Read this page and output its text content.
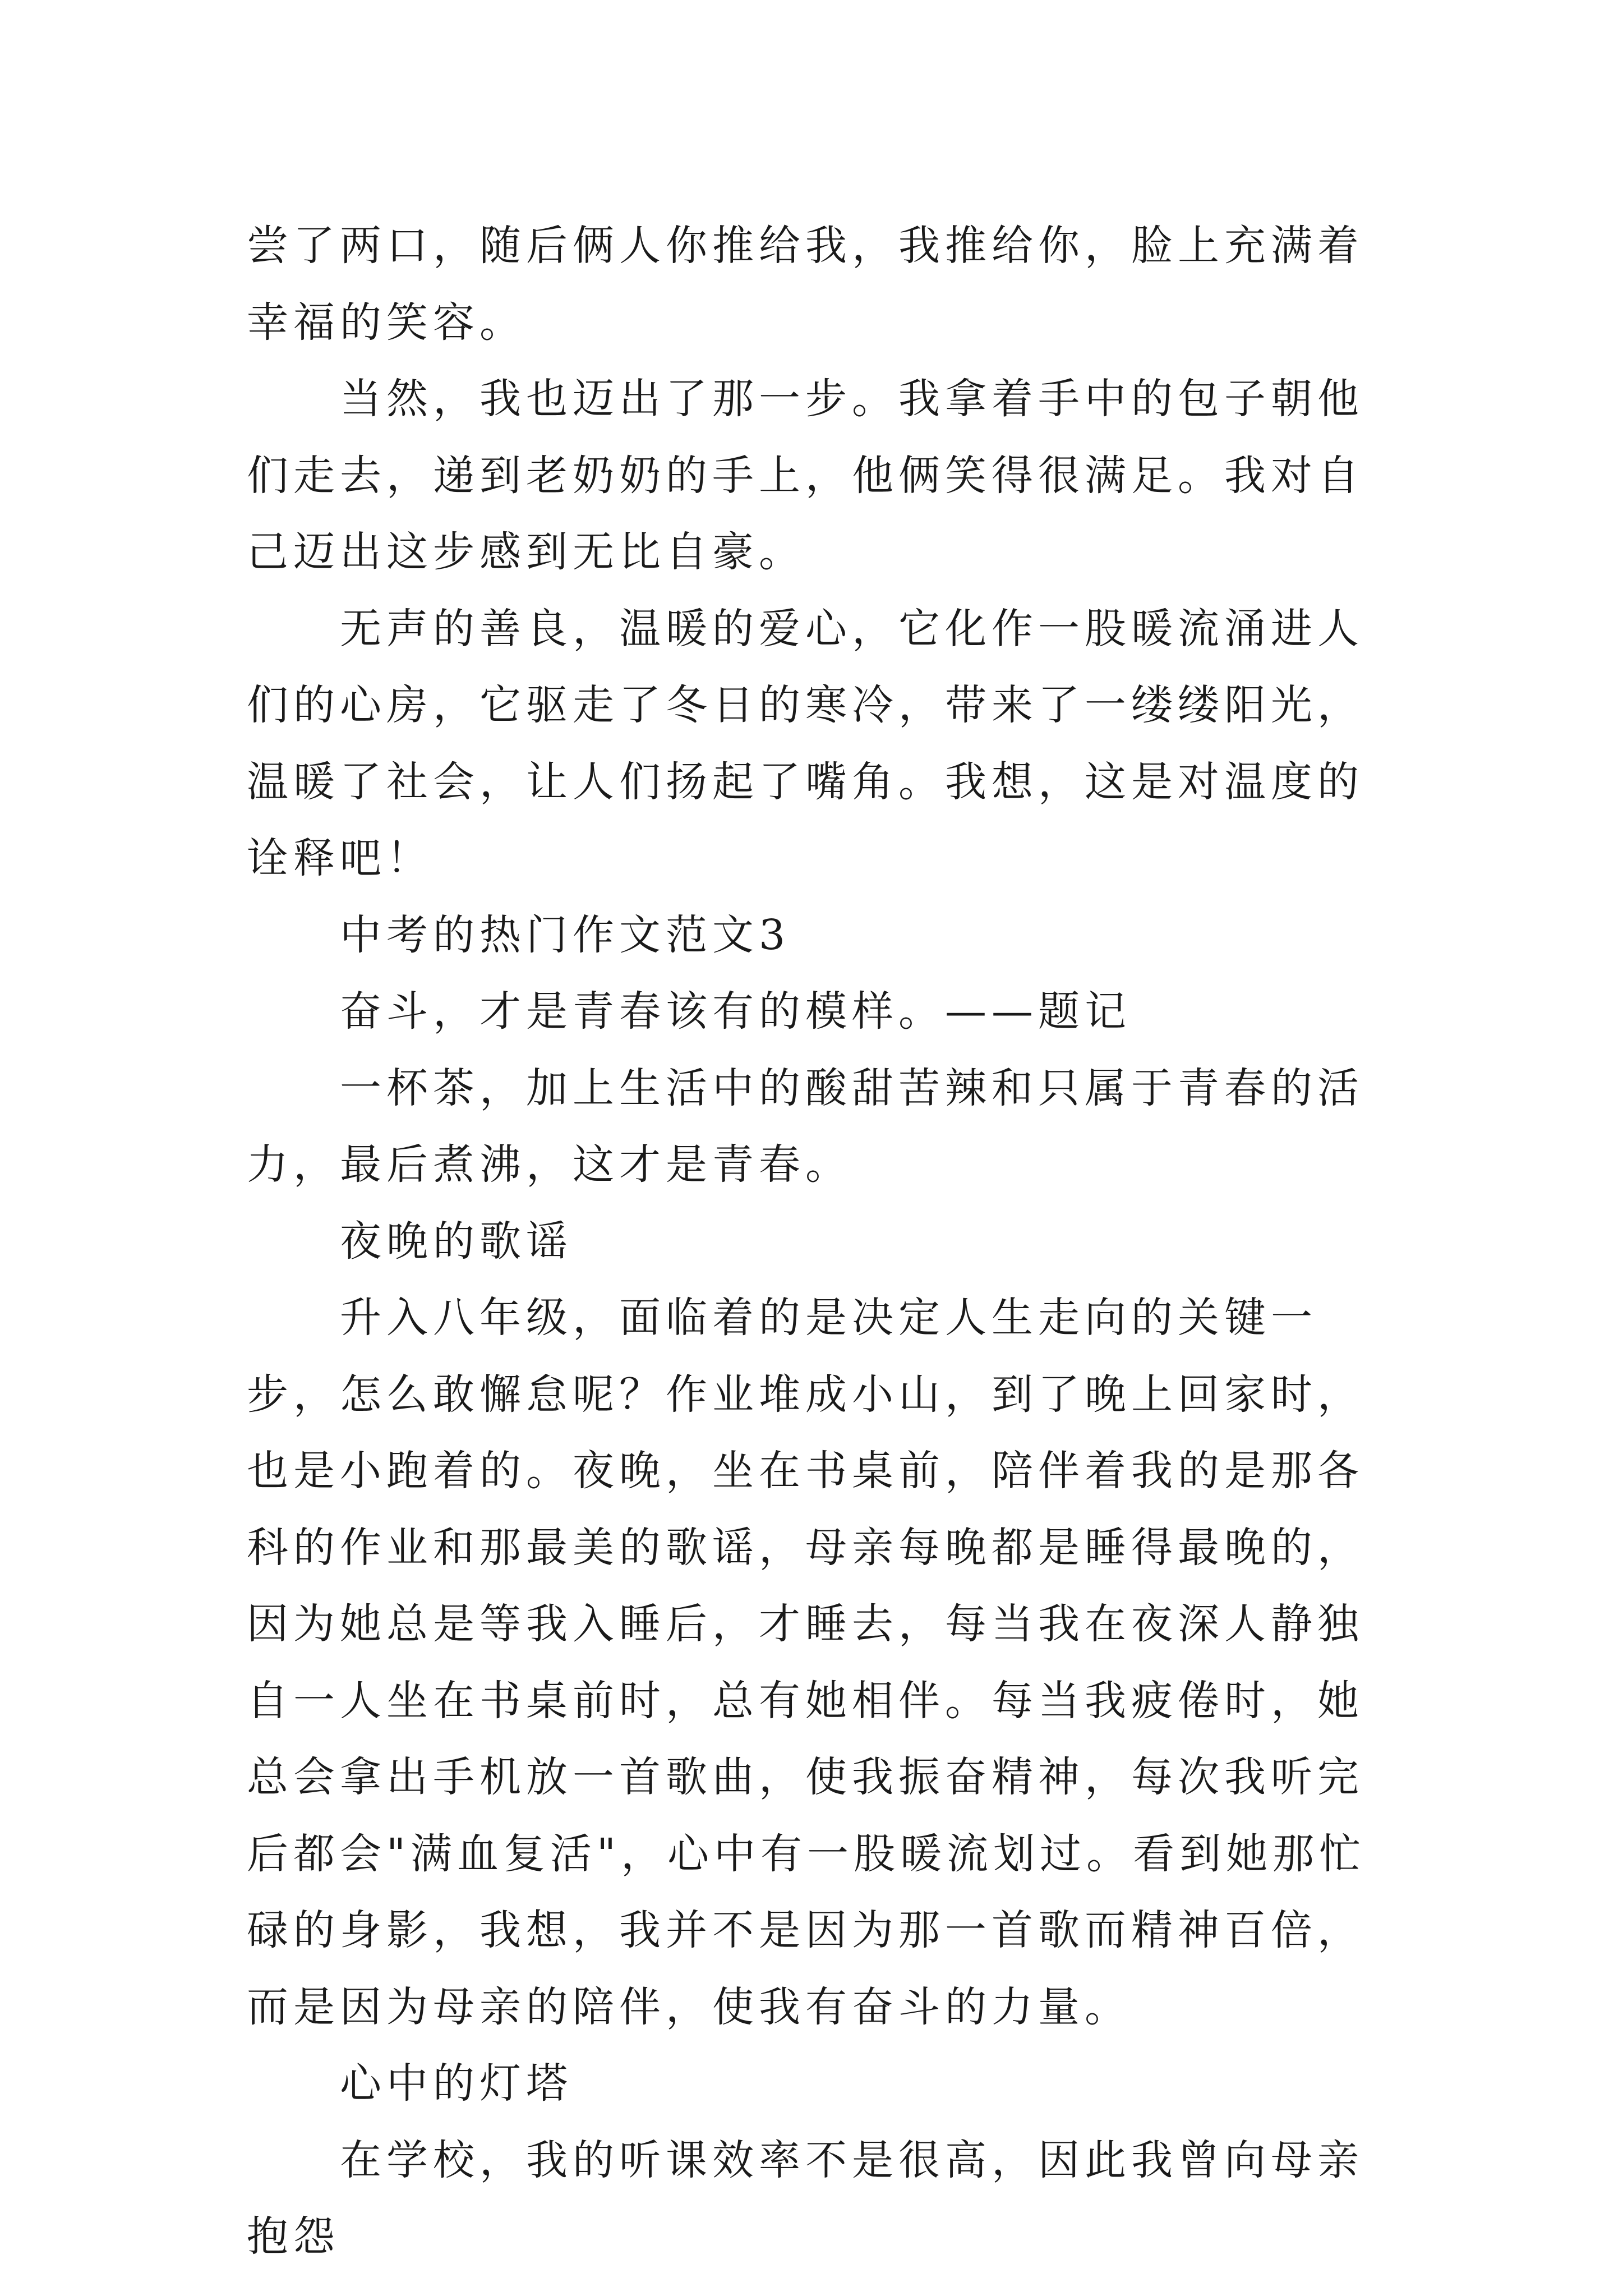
尝了两口，随后俩人你推给我，我推给你，脸上充满着幸福的笑容。

当然，我也迈出了那一步。我拿着手中的包子朝他们走去，递到老奶奶的手上，他俩笑得很满足。我对自己迈出这步感到无比自豪。

无声的善良，温暖的爱心，它化作一股暖流涌进人们的心房，它驱走了冬日的寒冷，带来了一缕缕阳光，温暖了社会，让人们扬起了嘴角。我想，这是对温度的诠释吧！

中考的热门作文范文3

奋斗，才是青春该有的模样。——题记

一杯茶，加上生活中的酸甜苦辣和只属于青春的活力，最后煮沸，这才是青春。

夜晚的歌谣

升入八年级，面临着的是决定人生走向的关键一步，怎么敢懈怠呢？作业堆成小山，到了晚上回家时，也是小跑着的。夜晚，坐在书桌前，陪伴着我的是那各科的作业和那最美的歌谣，母亲每晚都是睡得最晚的，因为她总是等我入睡后，才睡去，每当我在夜深人静独自一人坐在书桌前时，总有她相伴。每当我疲倦时，她总会拿出手机放一首歌曲，使我振奋精神，每次我听完后都会"满血复活"，心中有一股暖流划过。看到她那忙碌的身影，我想，我并不是因为那一首歌而精神百倍，而是因为母亲的陪伴，使我有奋斗的力量。

心中的灯塔

在学校，我的听课效率不是很高，因此我曾向母亲抱怨
